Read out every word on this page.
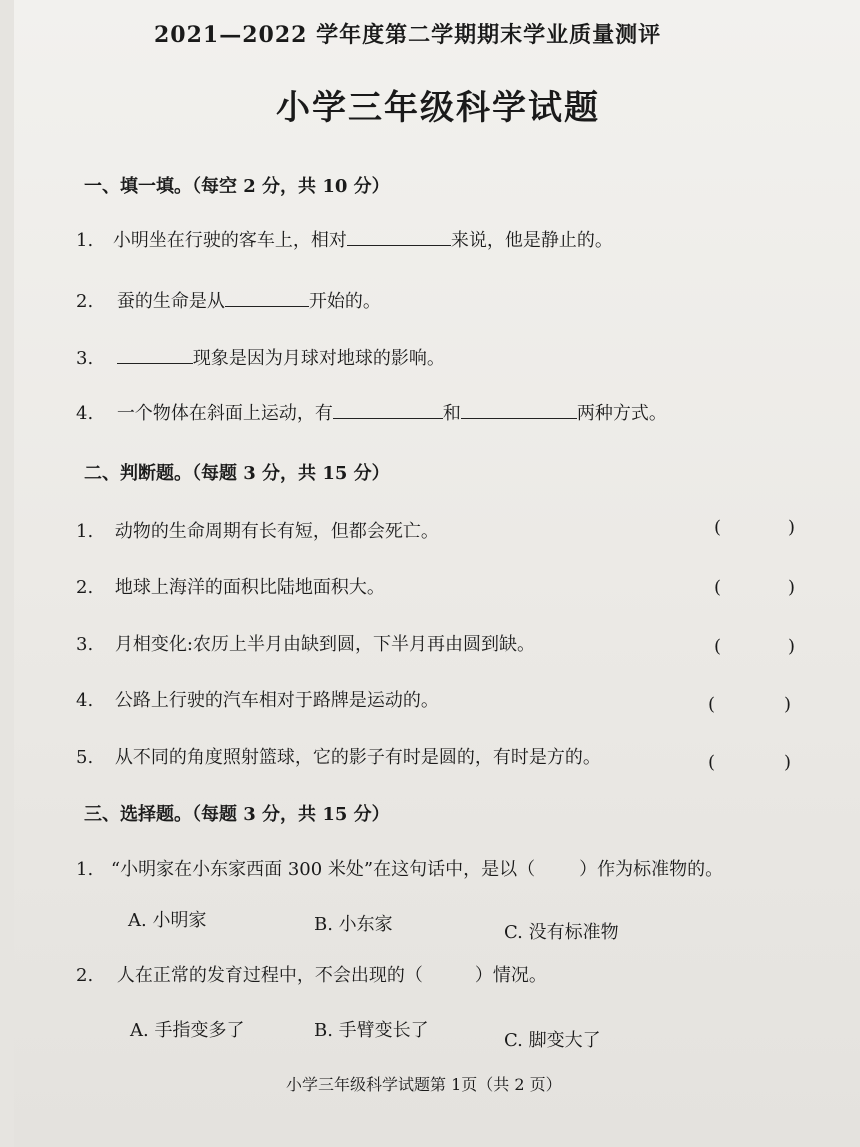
2021—2022 学年度第二学期期末学业质量测评
小学三年级科学试题
一、填一填。（每空 2 分，共 10 分）
1. 小明坐在行驶的客车上，相对	来说，他是静止的。
2. 蚕的生命是从	开始的。
3.	现象是因为月球对地球的影响。
4. 一个物体在斜面上运动，有	和	两种方式。
二、判断题。（每题 3 分，共 15 分）
1. 动物的生命周期有长有短，但都会死亡。	(	)
2. 地球上海洋的面积比陆地面积大。	(	)
3. 月相变化:农历上半月由缺到圆，下半月再由圆到缺。	(	)
4. 公路上行驶的汽车相对于路牌是运动的。	(	)
5. 从不同的角度照射篮球，它的影子有时是圆的，有时是方的。	(	)
三、选择题。（每题 3 分，共 15 分）
1. “小明家在小东家西面 300 米处”在这句话中，是以（ ）作为标准物的。
A. 小明家	B. 小东家	C. 没有标准物
2. 人在正常的发育过程中，不会出现的（	）情况。
A. 手指变多了	B. 手臂变长了	C. 脚变大了
小学三年级科学试题第 1页（共 2 页）
